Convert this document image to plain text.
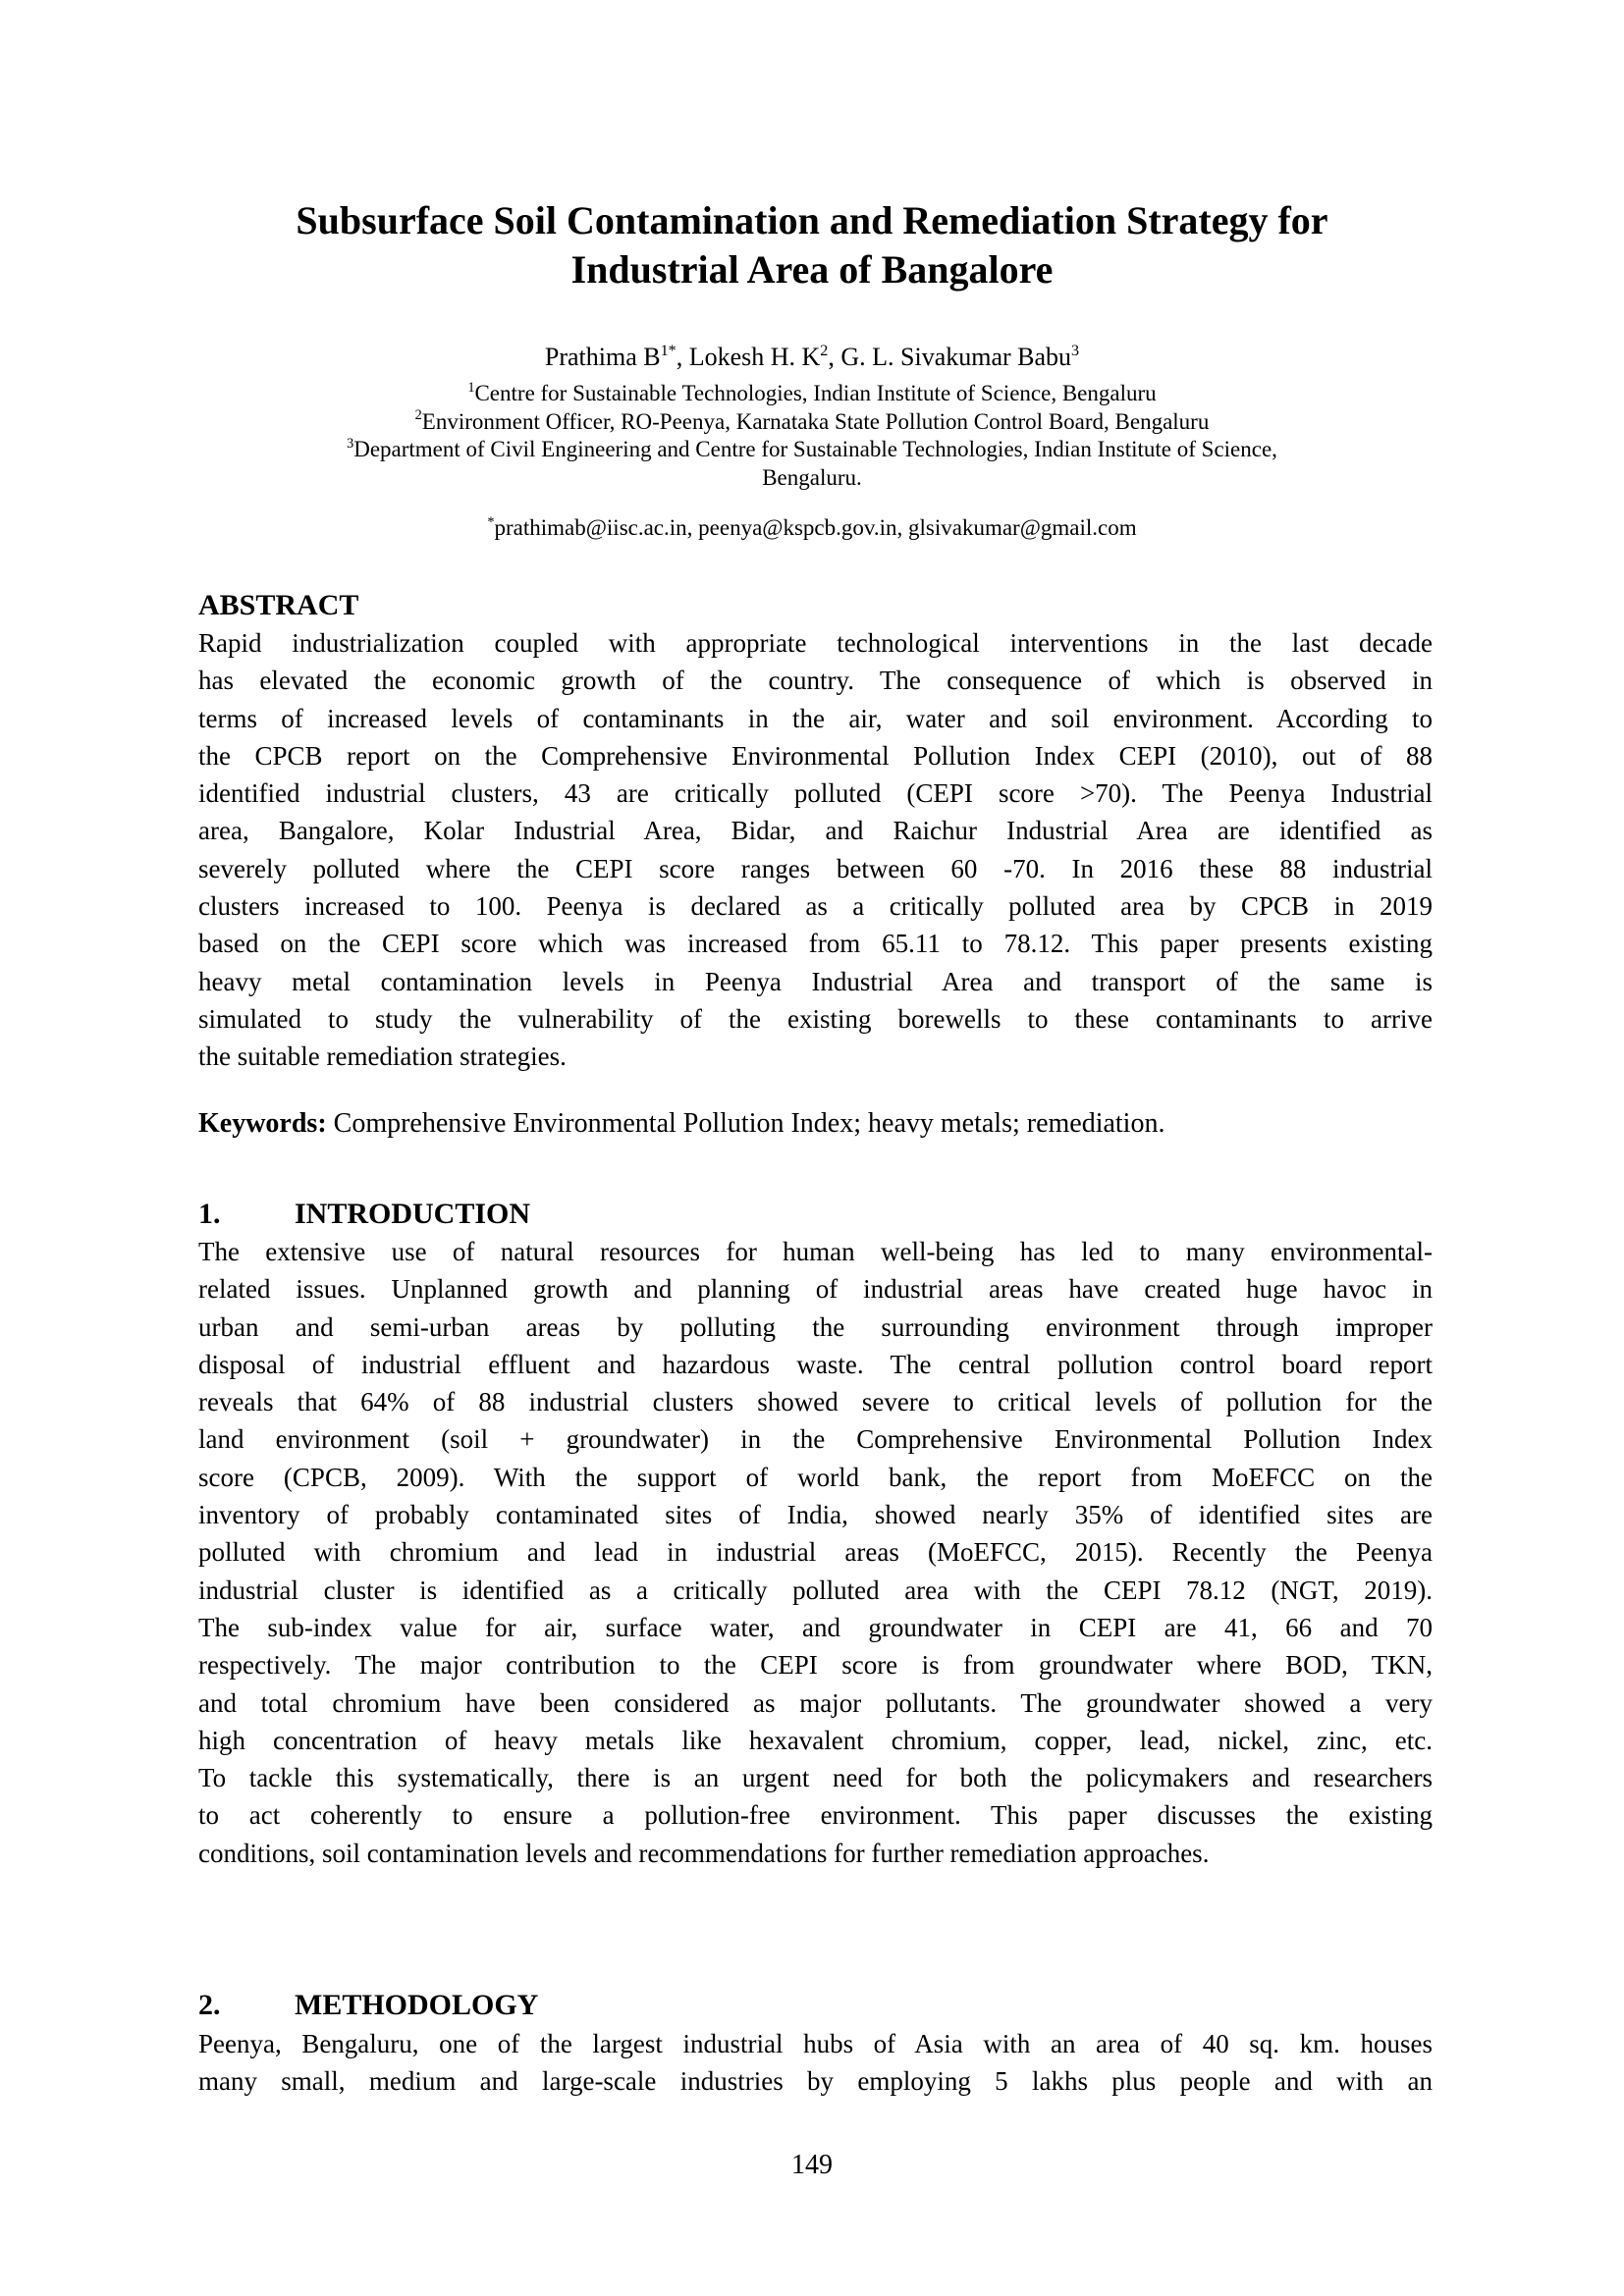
Subsurface Soil Contamination and Remediation Strategy for
Industrial Area of Bangalore
Prathima $B^{1*}$, Lokesh H. $K^2$, G. L. Sivakumar Babu$^3$
$^1$Centre for Sustainable Technologies, Indian Institute of Science, Bengaluru
$^2$Environment Officer, RO-Peenya, Karnataka State Pollution Control Board, Bengaluru
$^3$Department of Civil Engineering and Centre for Sustainable Technologies, Indian Institute of Science,
Bengaluru.
*prathimab@iisc.ac.in, peenya@kspcb.gov.in, glsivakumar@gmail.com
ABSTRACT
Rapid industrialization coupled with appropriate technological interventions in the last decade
has elevated the economic growth of the country. The consequence of which is observed in
terms of increased levels of contaminants in the air, water and soil environment. According to
the CPCB report on the Comprehensive Environmental Pollution Index CEPI (2010), out of 88
identified industrial clusters, 43 are critically polluted (CEPI score >70). The Peenya Industrial
area, Bangalore, Kolar Industrial Area, Bidar, and Raichur Industrial Area are identified as
severely polluted where the CEPI score ranges between 60 -70. In 2016 these 88 industrial
clusters increased to 100. Peenya is declared as a critically polluted area by CPCB in 2019
based on the CEPI score which was increased from 65.11 to 78.12. This paper presents existing
heavy metal contamination levels in Peenya Industrial Area and transport of the same is
simulated to study the vulnerability of the existing borewells to these contaminants to arrive
the suitable remediation strategies.
Keywords: Comprehensive Environmental Pollution Index; heavy metals; remediation.
1.	INTRODUCTION
The extensive use of natural resources for human well-being has led to many environmental-
related issues. Unplanned growth and planning of industrial areas have created huge havoc in
urban and semi-urban areas by polluting the surrounding environment through improper
disposal of industrial effluent and hazardous waste. The central pollution control board report
reveals that 64% of 88 industrial clusters showed severe to critical levels of pollution for the
land environment (soil + groundwater) in the Comprehensive Environmental Pollution Index
score (CPCB, 2009). With the support of world bank, the report from MoEFCC on the
inventory of probably contaminated sites of India, showed nearly 35% of identified sites are
polluted with chromium and lead in industrial areas (MoEFCC, 2015). Recently the Peenya
industrial cluster is identified as a critically polluted area with the CEPI 78.12 (NGT, 2019).
The sub-index value for air, surface water, and groundwater in CEPI are 41, 66 and 70
respectively. The major contribution to the CEPI score is from groundwater where BOD, TKN,
and total chromium have been considered as major pollutants. The groundwater showed a very
high concentration of heavy metals like hexavalent chromium, copper, lead, nickel, zinc, etc.
To tackle this systematically, there is an urgent need for both the policymakers and researchers
to act coherently to ensure a pollution-free environment. This paper discusses the existing
conditions, soil contamination levels and recommendations for further remediation approaches.
2.	METHODOLOGY
Peenya, Bengaluru, one of the largest industrial hubs of Asia with an area of 40 sq. km. houses
many small, medium and large-scale industries by employing 5 lakhs plus people and with an
149
